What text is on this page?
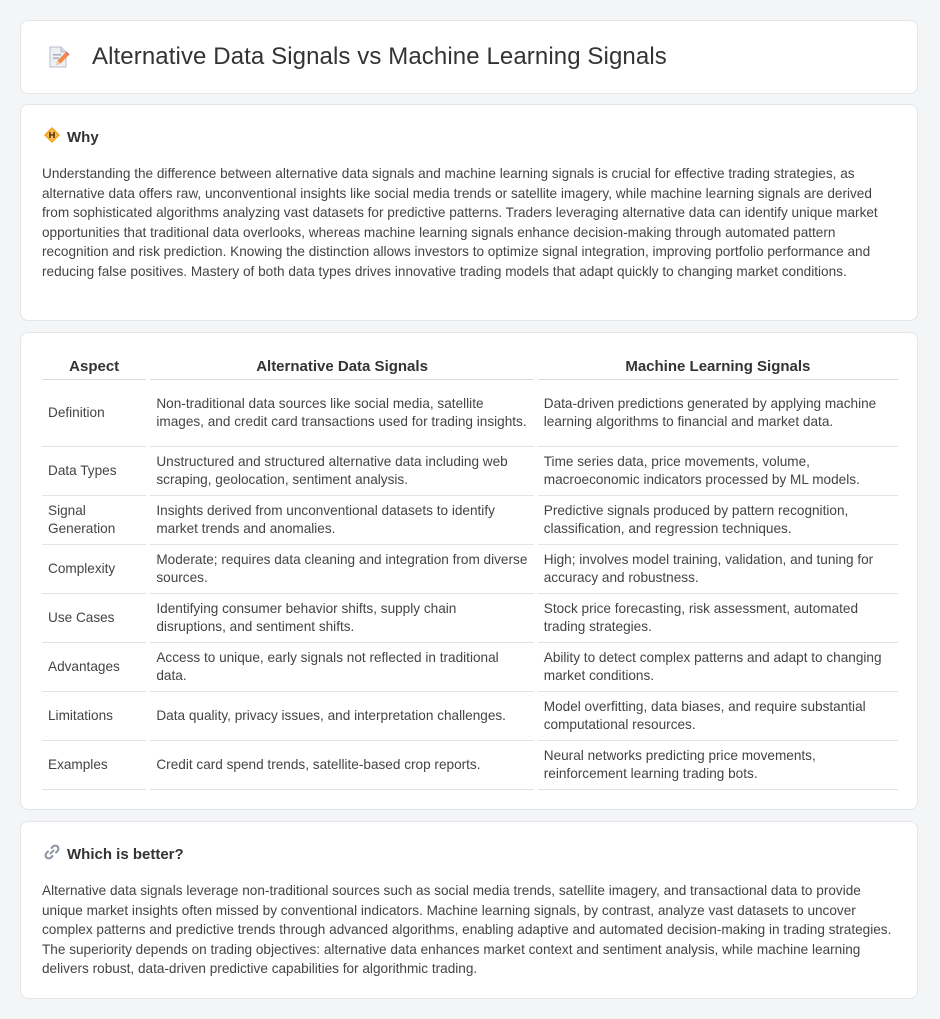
Alternative Data Signals vs Machine Learning Signals
Why

Understanding the difference between alternative data signals and machine learning signals is crucial for effective trading strategies, as alternative data offers raw, unconventional insights like social media trends or satellite imagery, while machine learning signals are derived from sophisticated algorithms analyzing vast datasets for predictive patterns. Traders leveraging alternative data can identify unique market opportunities that traditional data overlooks, whereas machine learning signals enhance decision-making through automated pattern recognition and risk prediction. Knowing the distinction allows investors to optimize signal integration, improving portfolio performance and reducing false positives. Mastery of both data types drives innovative trading models that adapt quickly to changing market conditions.

Aspect	Alternative Data Signals	Machine Learning Signals
Definition	Non-traditional data sources like social media, satellite images, and credit card transactions used for trading insights.	Data-driven predictions generated by applying machine learning algorithms to financial and market data.
Data Types	Unstructured and structured alternative data including web scraping, geolocation, sentiment analysis.	Time series data, price movements, volume, macroeconomic indicators processed by ML models.
Signal Generation	Insights derived from unconventional datasets to identify market trends and anomalies.	Predictive signals produced by pattern recognition, classification, and regression techniques.
Complexity	Moderate; requires data cleaning and integration from diverse sources.	High; involves model training, validation, and tuning for accuracy and robustness.
Use Cases	Identifying consumer behavior shifts, supply chain disruptions, and sentiment shifts.	Stock price forecasting, risk assessment, automated trading strategies.
Advantages	Access to unique, early signals not reflected in traditional data.	Ability to detect complex patterns and adapt to changing market conditions.
Limitations	Data quality, privacy issues, and interpretation challenges.	Model overfitting, data biases, and require substantial computational resources.
Examples	Credit card spend trends, satellite-based crop reports.	Neural networks predicting price movements, reinforcement learning trading bots.
Which is better?

Alternative data signals leverage non-traditional sources such as social media trends, satellite imagery, and transactional data to provide unique market insights often missed by conventional indicators. Machine learning signals, by contrast, analyze vast datasets to uncover complex patterns and predictive trends through advanced algorithms, enabling adaptive and automated decision-making in trading strategies. The superiority depends on trading objectives: alternative data enhances market context and sentiment analysis, while machine learning delivers robust, data-driven predictive capabilities for algorithmic trading.
